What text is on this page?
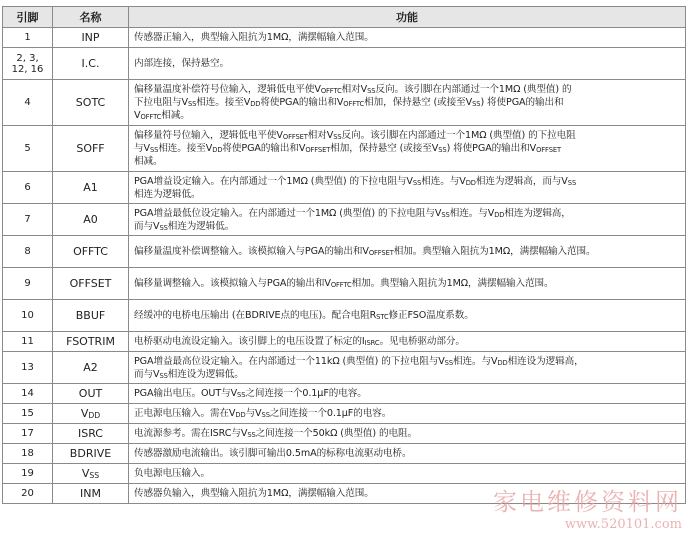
引脚	名称	功能
1	INP	传感器正输入，典型输入阻抗为1MΩ，满摆幅输入范围。
2, 3,
12, 16	I.C.	内部连接，保持悬空。
4	SOTC	偏移量温度补偿符号位输入，逻辑低电平使$V_{OFFTC}$相对$V_{SS}$反向。该引脚在内部通过一个1MΩ (典型值) 的
下拉电阻与$V_{SS}$相连。接至$V_{DD}$将使PGA的输出和$V_{OFFTC}$相加，保持悬空 (或接至$V_{SS}$) 将使PGA的输出和
$V_{OFFTC}$相减。
5	SOFF	偏移量符号位输入，逻辑低电平使$V_{OFFSET}$相对$V_{SS}$反向。该引脚在内部通过一个1MΩ (典型值) 的下拉电阻
与$V_{SS}$相连。接至$V_{DD}$将使PGA的输出和$V_{OFFSET}$相加，保持悬空 (或接至$V_{SS}$) 将使PGA的输出和$V_{OFFSET}$
相减。
6	A1	PGA增益设定输入。在内部通过一个1MΩ (典型值) 的下拉电阻与$V_{SS}$相连。与$V_{DD}$相连为逻辑高，而与$V_{SS}$
相连为逻辑低。
7	A0	PGA增益最低位设定输入。在内部通过一个1MΩ (典型值) 的下拉电阻与$V_{SS}$相连。与$V_{DD}$相连为逻辑高，
而与$V_{SS}$相连为逻辑低。
8	OFFTC	偏移量温度补偿调整输入。该模拟输入与PGA的输出和$V_{OFFSET}$相加。典型输入阻抗为1MΩ，满摆幅输入范围。
9	OFFSET	偏移量调整输入。该模拟输入与PGA的输出和$V_{OFFTC}$相加。典型输入阻抗为1MΩ，满摆幅输入范围。
10	BBUF	经缓冲的电桥电压输出 (在BDRIVE点的电压)。配合电阻$R_{STC}$修正FSO温度系数。
11	FSOTRIM	电桥驱动电流设定输入。该引脚上的电压设置了标定的$I_{ISRC}$。见电桥驱动部分。
13	A2	PGA增益最高位设定输入。在内部通过一个11kΩ (典型值) 的下拉电阻与$V_{SS}$相连。与$V_{DD}$相连设为逻辑高，
而与$V_{SS}$相连设为逻辑低。
14	OUT	PGA输出电压。OUT与$V_{SS}$之间连接一个0.1μF的电容。
15	$V_{DD}$	正电源电压输入。需在$V_{DD}$与$V_{SS}$之间连接一个0.1μF的电容。
17	ISRC	电流源参考。需在ISRC与$V_{SS}$之间连接一个50kΩ (典型值) 的电阻。
18	BDRIVE	传感器激励电流输出。该引脚可输出0.5mA的标称电流驱动电桥。
19	$V_{SS}$	负电源电压输入。
20	INM	传感器负输入，典型输入阻抗为1MΩ，满摆幅输入范围。	家电维修资料网
www.520101.com
